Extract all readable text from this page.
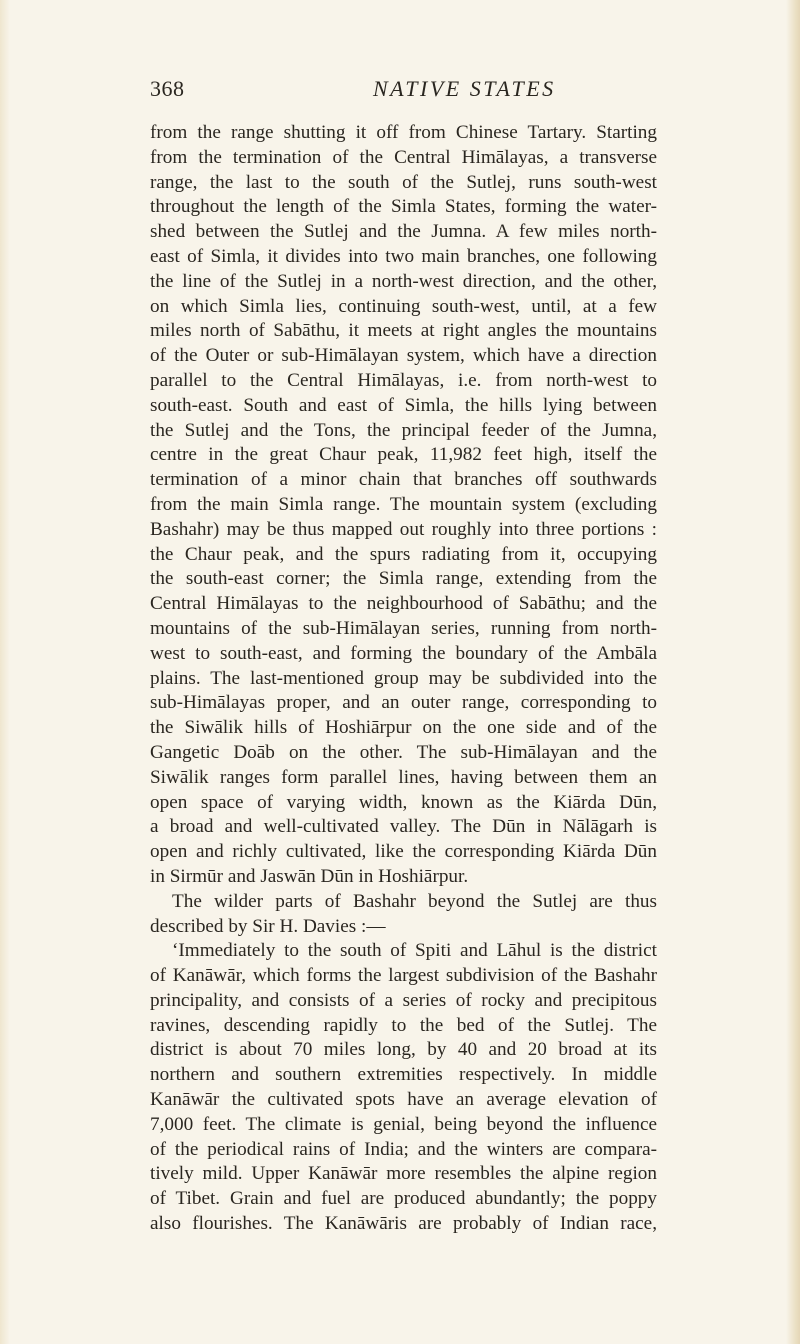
368	NATIVE STATES
from the range shutting it off from Chinese Tartary. Starting
from the termination of the Central Himālayas, a transverse
range, the last to the south of the Sutlej, runs south-west
throughout the length of the Simla States, forming the water-
shed between the Sutlej and the Jumna. A few miles north-
east of Simla, it divides into two main branches, one following
the line of the Sutlej in a north-west direction, and the other,
on which Simla lies, continuing south-west, until, at a few
miles north of Sabāthu, it meets at right angles the mountains
of the Outer or sub-Himālayan system, which have a direction
parallel to the Central Himālayas, i.e. from north-west to
south-east. South and east of Simla, the hills lying between
the Sutlej and the Tons, the principal feeder of the Jumna,
centre in the great Chaur peak, 11,982 feet high, itself the
termination of a minor chain that branches off southwards
from the main Simla range. The mountain system (excluding
Bashahr) may be thus mapped out roughly into three portions :
the Chaur peak, and the spurs radiating from it, occupying
the south-east corner; the Simla range, extending from the
Central Himālayas to the neighbourhood of Sabāthu; and the
mountains of the sub-Himālayan series, running from north-
west to south-east, and forming the boundary of the Ambāla
plains. The last-mentioned group may be subdivided into the
sub-Himālayas proper, and an outer range, corresponding to
the Siwālik hills of Hoshiārpur on the one side and of the
Gangetic Doāb on the other. The sub-Himālayan and the
Siwālik ranges form parallel lines, having between them an
open space of varying width, known as the Kiārda Dūn,
a broad and well-cultivated valley. The Dūn in Nālāgarh is
open and richly cultivated, like the corresponding Kiārda Dūn
in Sirmūr and Jaswān Dūn in Hoshiārpur.
The wilder parts of Bashahr beyond the Sutlej are thus
described by Sir H. Davies :—
‘Immediately to the south of Spiti and Lāhul is the district
of Kanāwār, which forms the largest subdivision of the Bashahr
principality, and consists of a series of rocky and precipitous
ravines, descending rapidly to the bed of the Sutlej. The
district is about 70 miles long, by 40 and 20 broad at its
northern and southern extremities respectively. In middle
Kanāwār the cultivated spots have an average elevation of
7,000 feet. The climate is genial, being beyond the influence
of the periodical rains of India; and the winters are compara-
tively mild. Upper Kanāwār more resembles the alpine region
of Tibet. Grain and fuel are produced abundantly; the poppy
also flourishes. The Kanāwāris are probably of Indian race,
